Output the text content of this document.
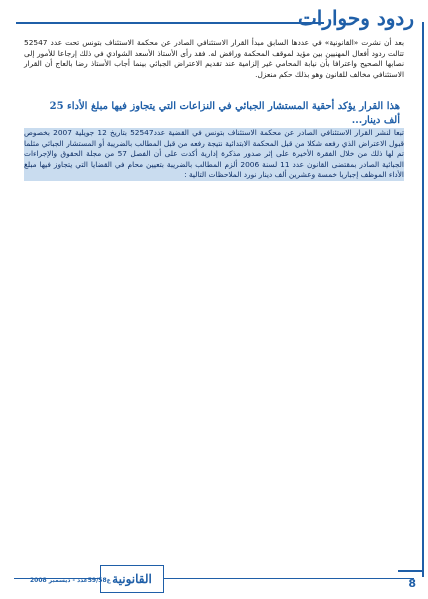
ردود وحوارات
بعد أن نشرت «القانونية» في عددها السابق مبدأ القرار الاستئنافي الصادر عن محكمة الاستئناف بتونس تحت عدد 52547 تتالت ردود أفعال المهنيين بين مؤيد لموقف المحكمة ورافض له. فقد رأى الأستاذ الأسعد الشوادي في ذلك إرجاعا للأمور إلى نصابها الصحيح واعترافا بأن نيابة المحامي غير إلزامية عند تقديم الاعتراض الجبائي بينما أجاب الأستاذ رضا بالعاج أن القرار الاستئنافي مخالف للقانون وهو بذلك حكم منعزل.
هذا القرار يؤكد أحقية المستشار الجبائي في النزاعات التي يتجاوز فيها مبلغ الأداء 25 ألف دينار...
تبعا لنشر القرار الاستئنافي الصادر عن محكمة الاستئناف بتونس في القضية عدد52547 بتاريخ 12 جويلية 2007 بخصوص قبول الاعتراض الذي رفعه شكلا من قبل المحكمة الابتدائية نتيجة رفعه من قبل المطالب بالضريبة أو المستشار الجبائي مثلما تم لها ذلك من خلال الفقرة الأخيرة على إثر صدور مذكرة إدارية أكدت على أن الفصل 57 من مجلة الحقوق والإجراءات الجبائية الصادر بمقتضى القانون عدد 11 لسنة 2006 ألزم المطالب بالضريبة بتعيين محام في القضايا التي يتجاوز فيها مبلغ الأداء الموظف إجباريا خمسة وعشرين ألف دينار نورد الملاحظات التالية :
القانونية
ع59/58عدد - ديسمبر 2008	8
